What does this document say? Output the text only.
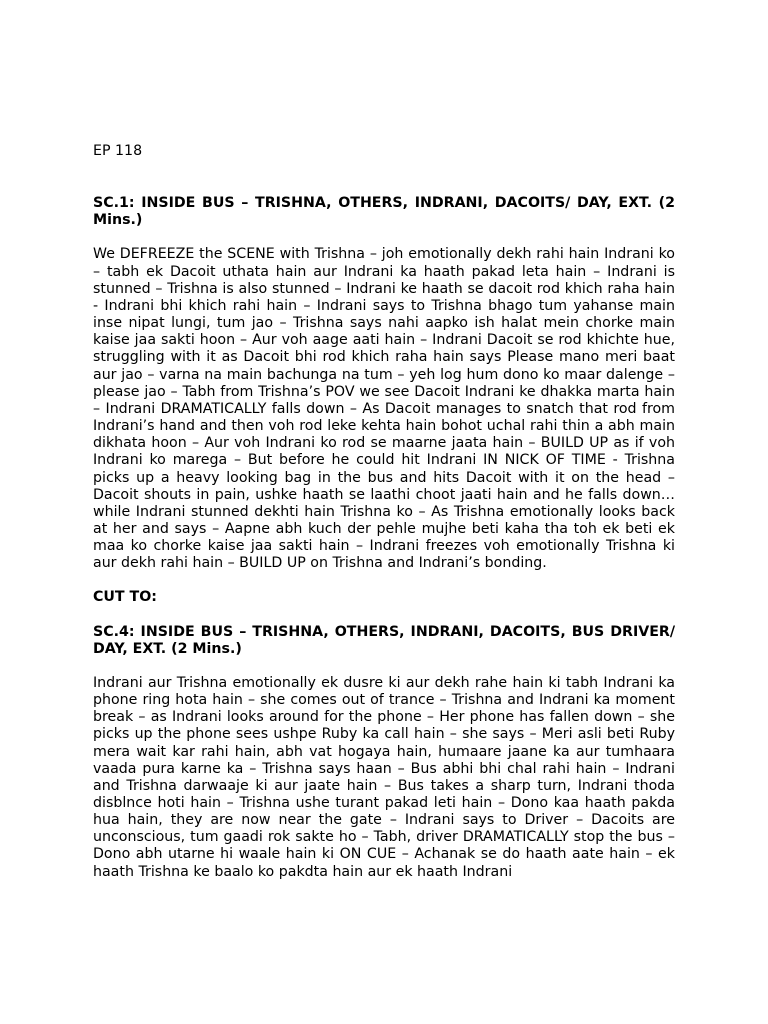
EP 118
SC.1: INSIDE BUS – TRISHNA, OTHERS, INDRANI, DACOITS/ DAY, EXT. (2 Mins.)
We DEFREEZE the SCENE with Trishna – joh emotionally dekh rahi hain Indrani ko – tabh ek Dacoit uthata hain aur Indrani ka haath pakad leta hain – Indrani is stunned – Trishna is also stunned – Indrani ke haath se dacoit rod khich raha hain - Indrani bhi khich rahi hain – Indrani says to Trishna bhago tum yahanse main inse nipat lungi, tum jao – Trishna says nahi aapko ish halat mein chorke main kaise jaa sakti hoon – Aur voh aage aati hain – Indrani Dacoit se rod khichte hue, struggling with it as Dacoit bhi rod khich raha hain says Please mano meri baat aur jao – varna na main bachunga na tum – yeh log hum dono ko maar dalenge – please jao – Tabh from Trishna’s POV we see Dacoit Indrani ke dhakka marta hain – Indrani DRAMATICALLY falls down – As Dacoit manages to snatch that rod from Indrani’s hand and then voh rod leke kehta hain bohot uchal rahi thin a abh main dikhata hoon – Aur voh Indrani ko rod se maarne jaata hain – BUILD UP as if voh Indrani ko marega – But before he could hit Indrani IN NICK OF TIME - Trishna picks up a heavy looking bag in the bus and hits Dacoit with it on the head – Dacoit shouts in pain, ushke haath se laathi choot jaati hain and he falls down… while Indrani stunned dekhti hain Trishna ko – As Trishna emotionally looks back at her and says – Aapne abh kuch der pehle mujhe beti kaha tha toh ek beti ek maa ko chorke kaise jaa sakti hain – Indrani freezes voh emotionally Trishna ki aur dekh rahi hain – BUILD UP on Trishna and Indrani’s bonding.
CUT TO:
SC.4: INSIDE BUS – TRISHNA, OTHERS, INDRANI, DACOITS, BUS DRIVER/ DAY, EXT. (2 Mins.)
Indrani aur Trishna emotionally ek dusre ki aur dekh rahe hain ki tabh Indrani ka phone ring hota hain – she comes out of trance – Trishna and Indrani ka moment break – as Indrani looks around for the phone – Her phone has fallen down – she picks up the phone sees ushpe Ruby ka call hain – she says – Meri asli beti Ruby mera wait kar rahi hain, abh vat hogaya hain, humaare jaane ka aur tumhaara vaada pura karne ka – Trishna says haan – Bus abhi bhi chal rahi hain – Indrani and Trishna darwaaje ki aur jaate hain – Bus takes a sharp turn, Indrani thoda disblnce hoti hain – Trishna ushe turant pakad leti hain – Dono kaa haath pakda hua hain, they are now near the gate – Indrani says to Driver – Dacoits are unconscious, tum gaadi rok sakte ho – Tabh, driver DRAMATICALLY stop the bus –Dono abh utarne hi waale hain ki ON CUE – Achanak se do haath aate hain – ek haath Trishna ke baalo ko pakdta hain aur ek haath Indrani
